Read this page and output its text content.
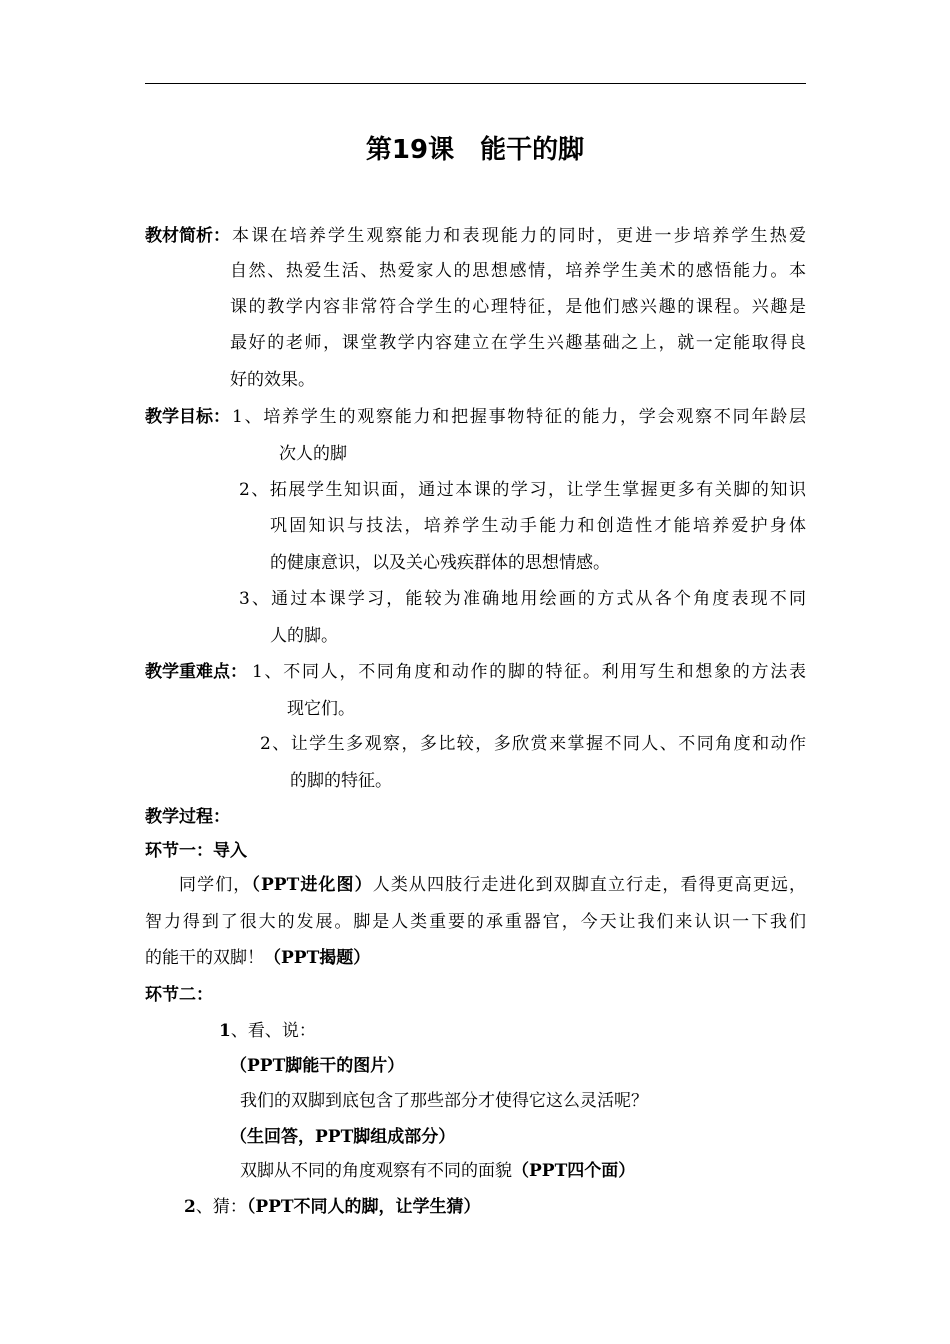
第19课　能干的脚
教材简析： 本课在培养学生观察能力和表现能力的同时，更进一步培养学生热爱
自然、热爱生活、热爱家人的思想感情，培养学生美术的感悟能力。本
课的教学内容非常符合学生的心理特征，是他们感兴趣的课程。兴趣是
最好的老师，课堂教学内容建立在学生兴趣基础之上，就一定能取得良
好的效果。
教学目标： 1、培养学生的观察能力和把握事物特征的能力，学会观察不同年龄层
次人的脚
2、拓展学生知识面，通过本课的学习，让学生掌握更多有关脚的知识
巩固知识与技法，培养学生动手能力和创造性才能培养爱护身体
的健康意识，以及关心残疾群体的思想情感。
3、通过本课学习，能较为准确地用绘画的方式从各个角度表现不同
人的脚。
教学重难点： 1、不同人，不同角度和动作的脚的特征。利用写生和想象的方法表
现它们。
2、让学生多观察，多比较，多欣赏来掌握不同人、不同角度和动作
的脚的特征。
教学过程：
环节一：导入
同学们，（PPT进化图）人类从四肢行走进化到双脚直立行走，看得更高更远，
智力得到了很大的发展。脚是人类重要的承重器官，今天让我们来认识一下我们
的能干的双脚！（PPT揭题）
环节二：
1、看、说：
（PPT脚能干的图片）
我们的双脚到底包含了那些部分才使得它这么灵活呢？
（生回答，PPT脚组成部分）
双脚从不同的角度观察有不同的面貌（PPT四个面）
2、猜：（PPT不同人的脚，让学生猜）
